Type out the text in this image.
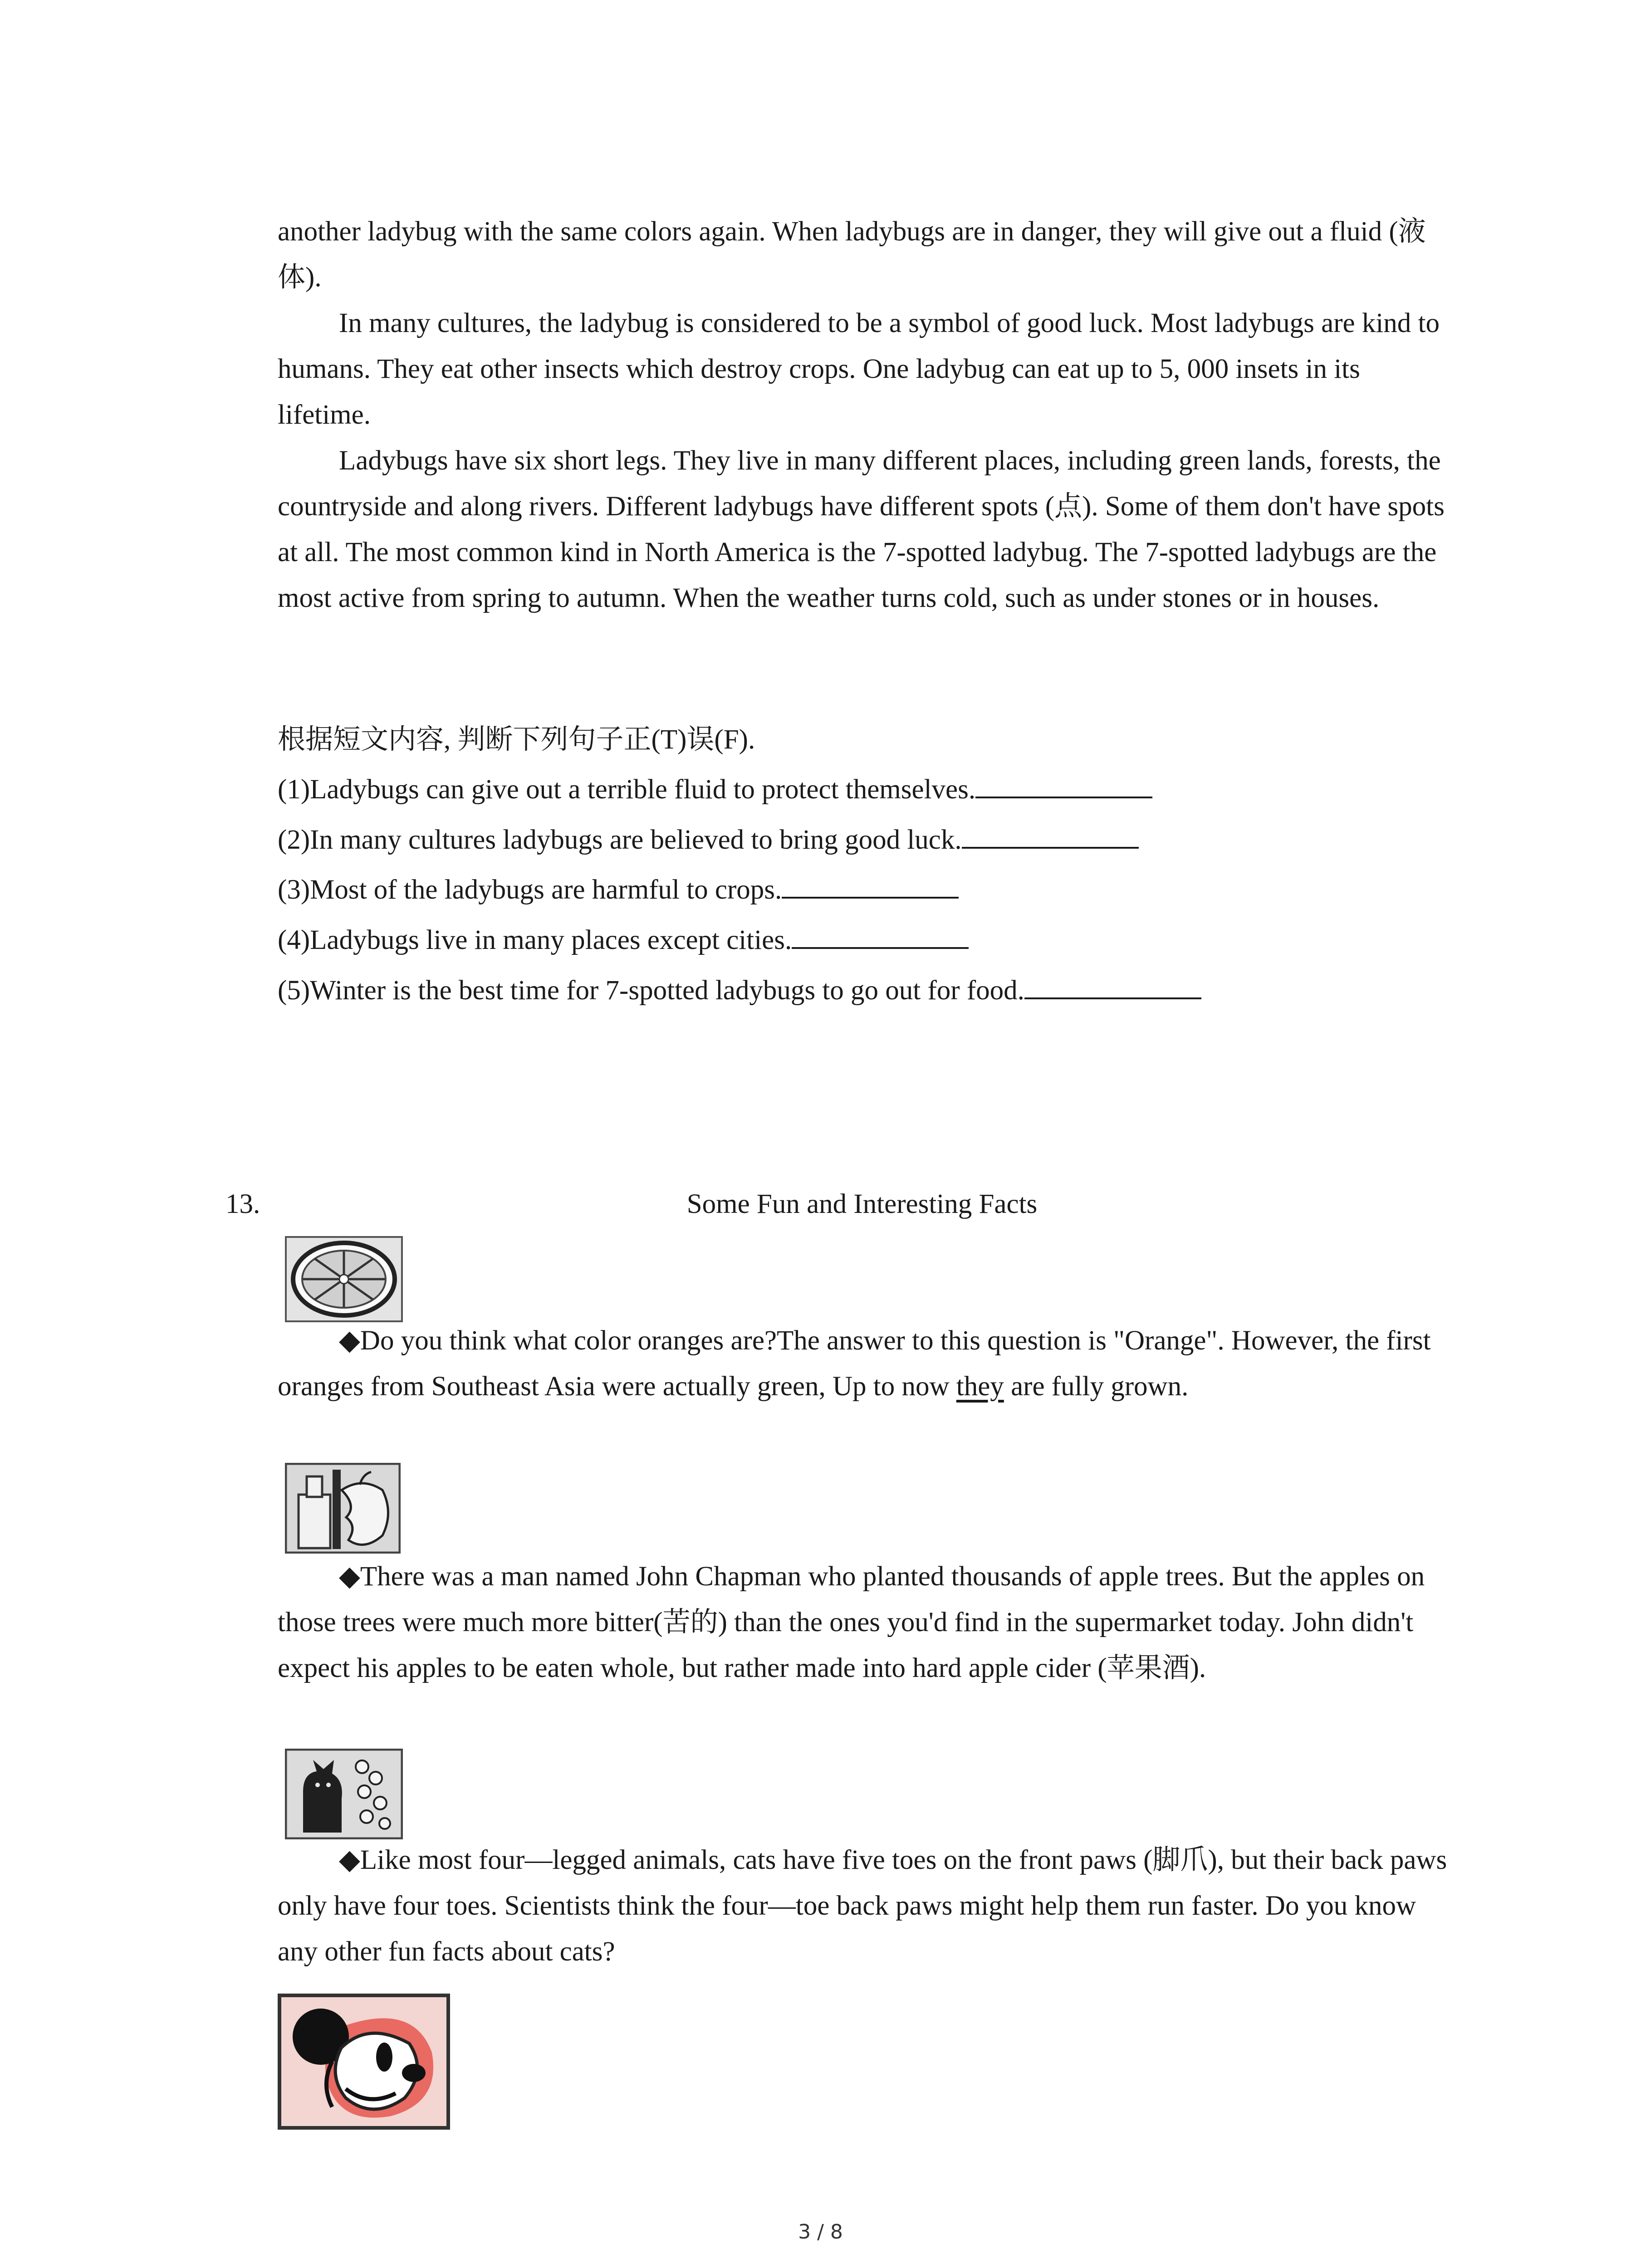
another ladybug with the same colors again. When ladybugs are in danger, they will give out a fluid (液体).

In many cultures, the ladybug is considered to be a symbol of good luck. Most ladybugs are kind to humans. They eat other insects which destroy crops. One ladybug can eat up to 5, 000 insets in its lifetime.

Ladybugs have six short legs. They live in many different places, including green lands, forests, the countryside and along rivers. Different ladybugs have different spots (点). Some of them don't have spots at all. The most common kind in North America is the 7-spotted ladybug. The 7-spotted ladybugs are the most active from spring to autumn. When the weather turns cold, such as under stones or in houses.

根据短文内容, 判断下列句子正(T)误(F).
(1)Ladybugs can give out a terrible fluid to protect themselves.
(2)In many cultures ladybugs are believed to bring good luck.
(3)Most of the ladybugs are harmful to crops.
(4)Ladybugs live in many places except cities.
(5)Winter is the best time for 7-spotted ladybugs to go out for food.
13.	Some Fun and Interesting Facts

◆Do you think what color oranges are?The answer to this question is "Orange". However, the first oranges from Southeast Asia were actually green, Up to now they are fully grown.

◆There was a man named John Chapman who planted thousands of apple trees. But the apples on those trees were much more bitter(苦的) than the ones you'd find in the supermarket today. John didn't expect his apples to be eaten whole, but rather made into hard apple cider (苹果酒).

◆Like most four—legged animals, cats have five toes on the front paws (脚爪), but their back paws only have four toes. Scientists think the four—toe back paws might help them run faster. Do you know any other fun facts about cats?

3 / 8
